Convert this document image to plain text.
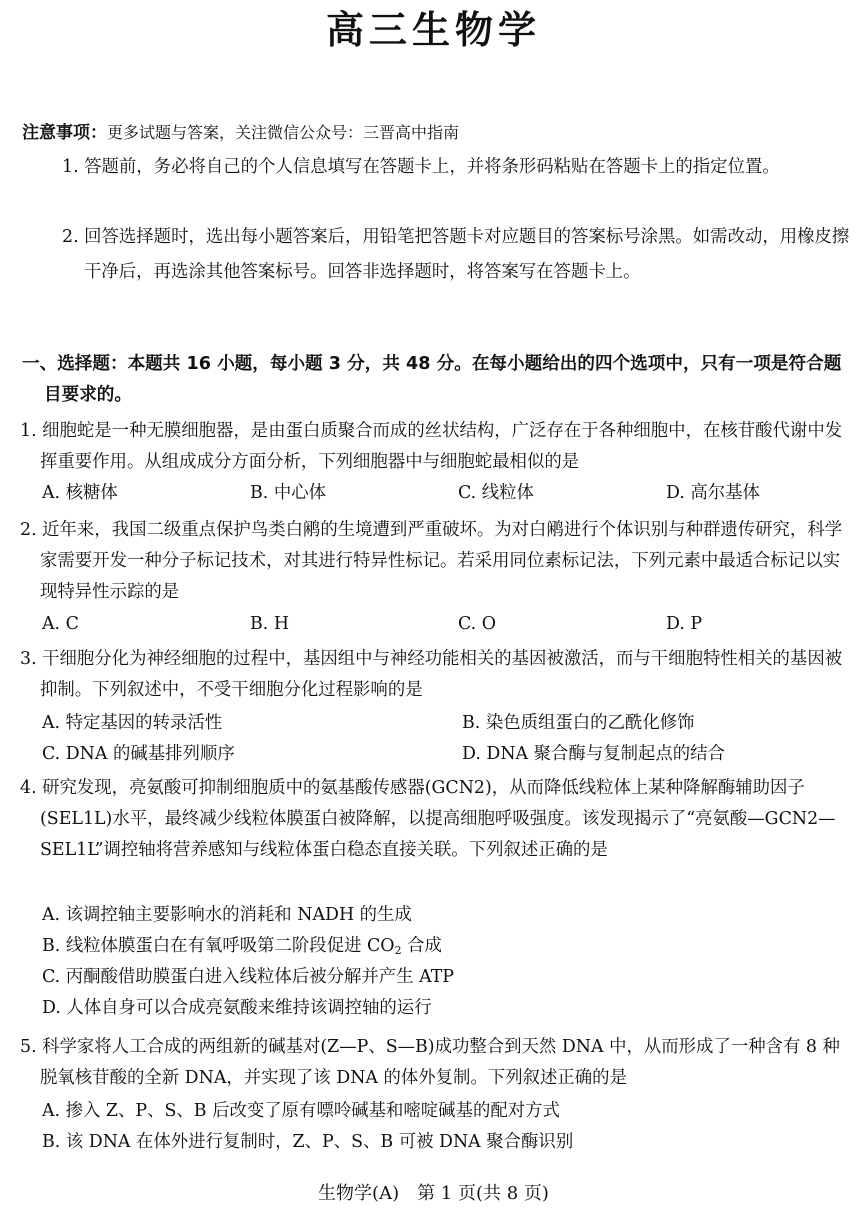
高三生物学
注意事项：更多试题与答案，关注微信公众号：三晋高中指南
1. 答题前，务必将自己的个人信息填写在答题卡上，并将条形码粘贴在答题卡上的指定位置。
2. 回答选择题时，选出每小题答案后，用铅笔把答题卡对应题目的答案标号涂黑。如需改动，用橡皮擦干净后，再选涂其他答案标号。回答非选择题时，将答案写在答题卡上。
一、选择题：本题共 16 小题，每小题 3 分，共 48 分。在每小题给出的四个选项中，只有一项是符合题目要求的。
1. 细胞蛇是一种无膜细胞器，是由蛋白质聚合而成的丝状结构，广泛存在于各种细胞中，在核苷酸代谢中发挥重要作用。从组成成分方面分析，下列细胞器中与细胞蛇最相似的是
A. 核糖体	B. 中心体	C. 线粒体	D. 高尔基体
2. 近年来，我国二级重点保护鸟类白鹇的生境遭到严重破坏。为对白鹇进行个体识别与种群遗传研究，科学家需要开发一种分子标记技术，对其进行特异性标记。若采用同位素标记法，下列元素中最适合标记以实现特异性示踪的是
A. C	B. H	C. O	D. P
3. 干细胞分化为神经细胞的过程中，基因组中与神经功能相关的基因被激活，而与干细胞特性相关的基因被抑制。下列叙述中，不受干细胞分化过程影响的是
A. 特定基因的转录活性	B. 染色质组蛋白的乙酰化修饰
C. DNA 的碱基排列顺序	D. DNA 聚合酶与复制起点的结合
4. 研究发现，亮氨酸可抑制细胞质中的氨基酸传感器(GCN2)，从而降低线粒体上某种降解酶辅助因子(SEL1L)水平，最终减少线粒体膜蛋白被降解，以提高细胞呼吸强度。该发现揭示了“亮氨酸—GCN2—SEL1L”调控轴将营养感知与线粒体蛋白稳态直接关联。下列叙述正确的是
A. 该调控轴主要影响水的消耗和 NADH 的生成
B. 线粒体膜蛋白在有氧呼吸第二阶段促进 $CO_2$ 合成
C. 丙酮酸借助膜蛋白进入线粒体后被分解并产生 ATP
D. 人体自身可以合成亮氨酸来维持该调控轴的运行
5. 科学家将人工合成的两组新的碱基对(Z—P、S—B)成功整合到天然 DNA 中，从而形成了一种含有 8 种脱氧核苷酸的全新 DNA，并实现了该 DNA 的体外复制。下列叙述正确的是
A. 掺入 Z、P、S、B 后改变了原有嘌呤碱基和嘧啶碱基的配对方式
B. 该 DNA 在体外进行复制时，Z、P、S、B 可被 DNA 聚合酶识别
生物学(A)　第 1 页(共 8 页)
